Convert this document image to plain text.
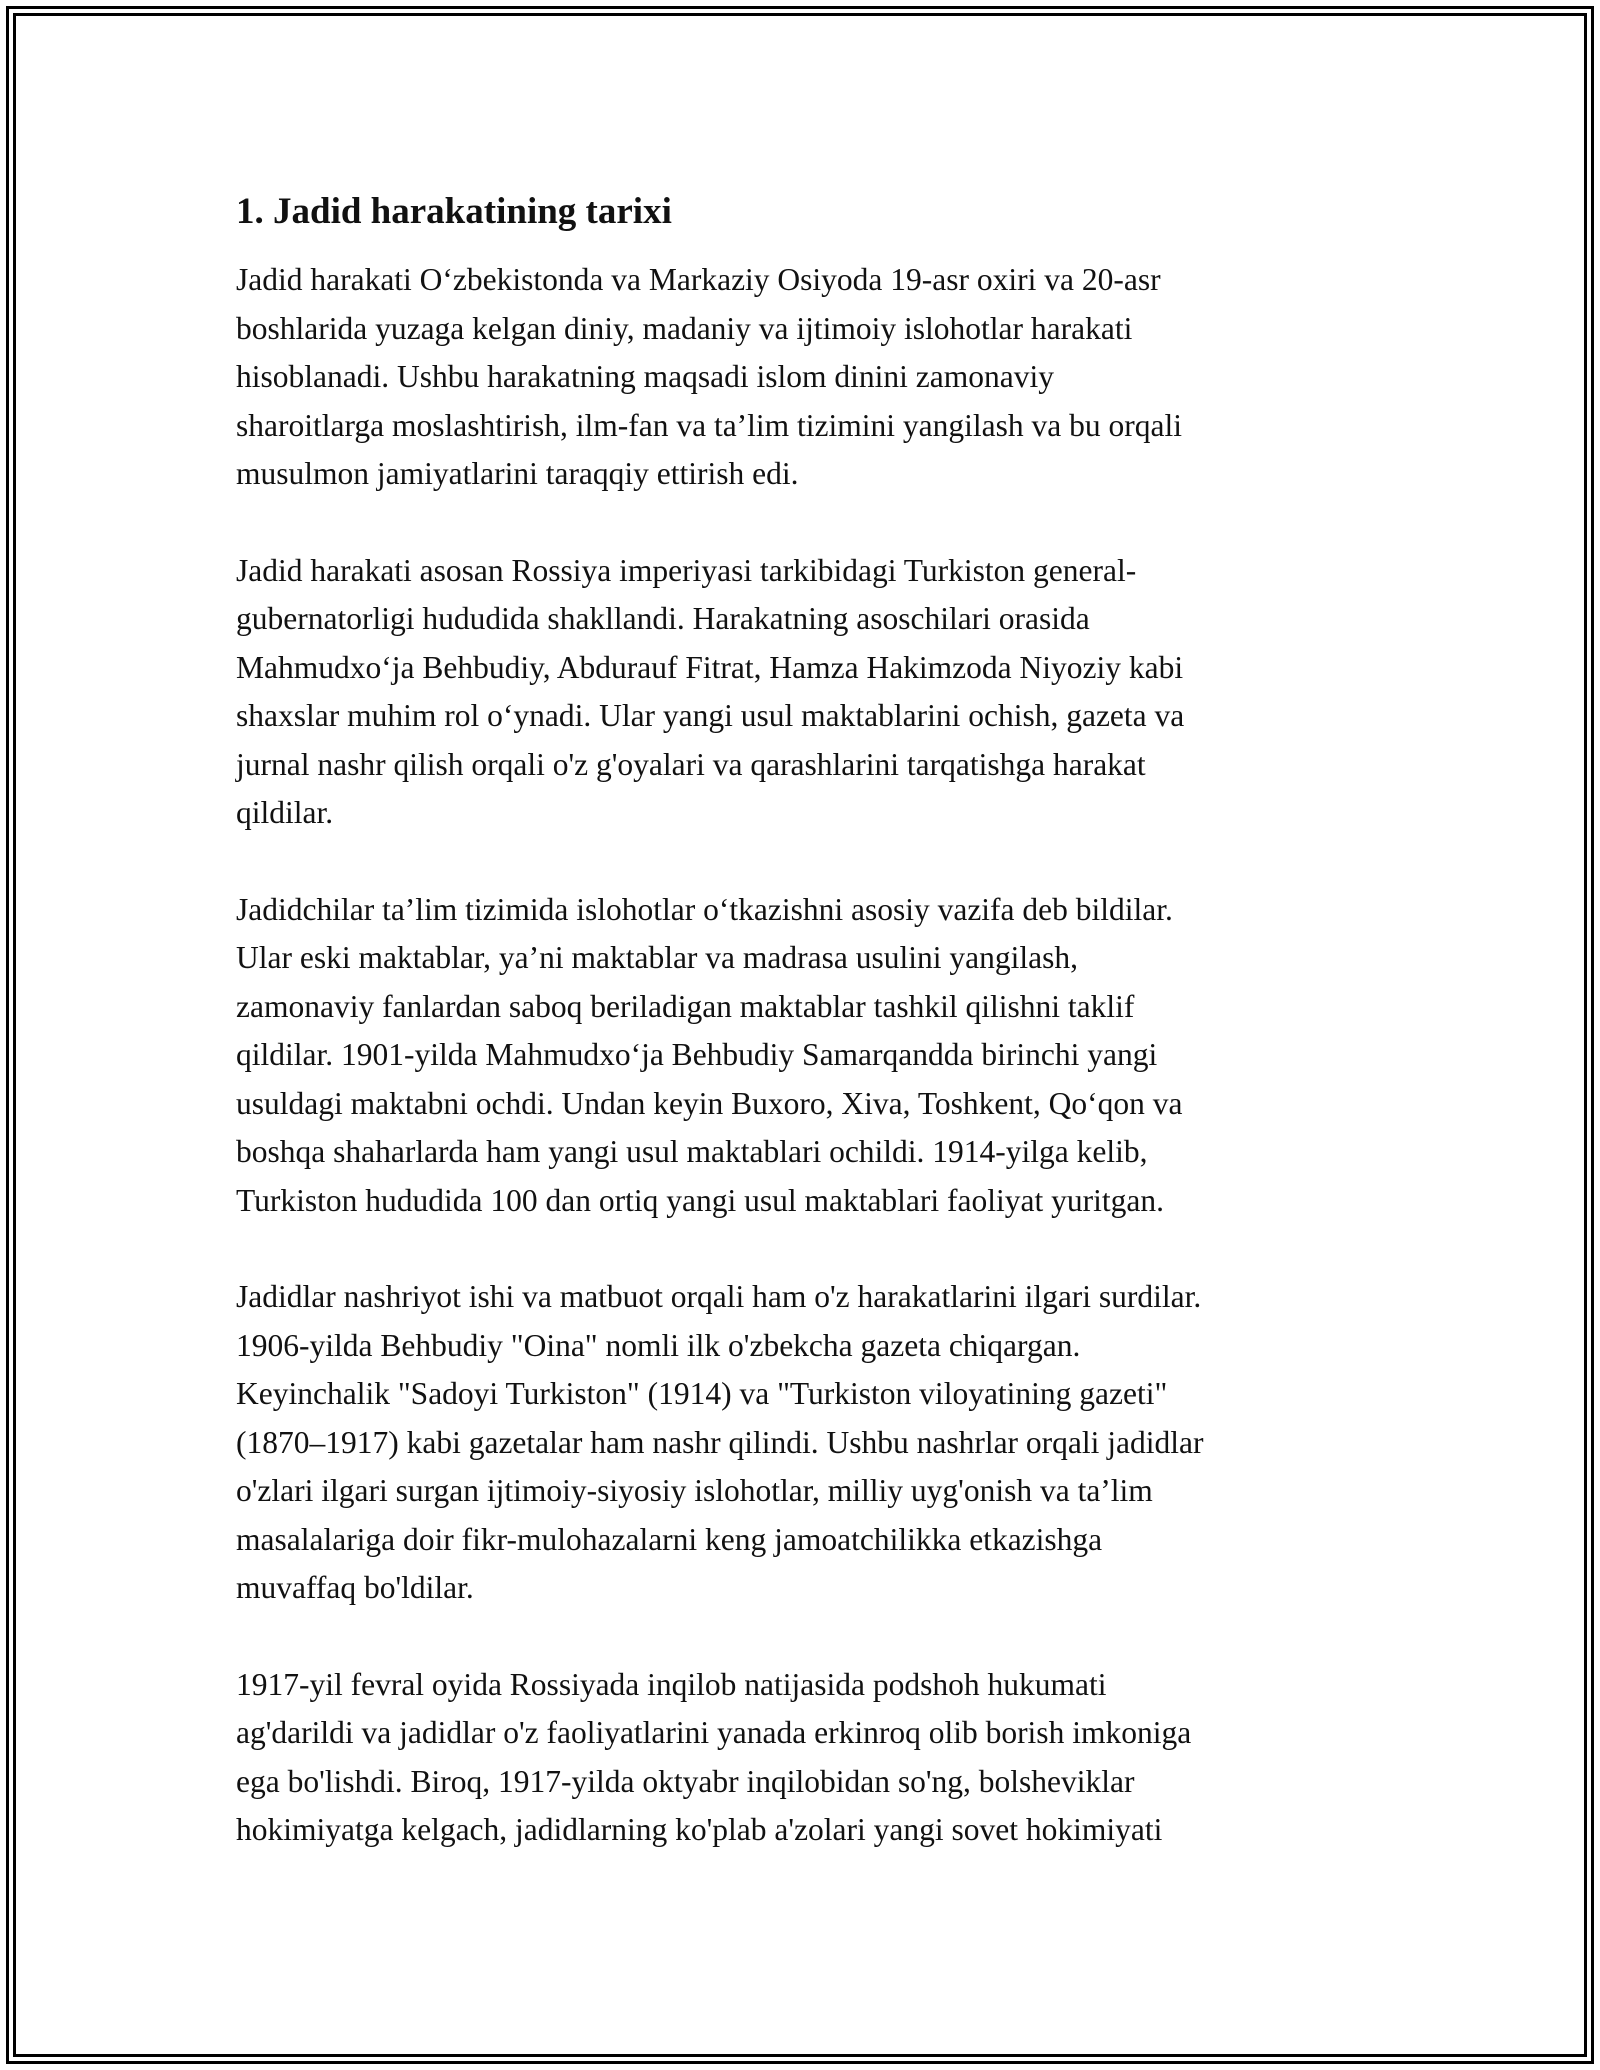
1. Jadid harakatining tarixi
Jadid harakati O‘zbekistonda va Markaziy Osiyoda 19-asr oxiri va 20-asr
boshlarida yuzaga kelgan diniy, madaniy va ijtimoiy islohotlar harakati
hisoblanadi. Ushbu harakatning maqsadi islom dinini zamonaviy
sharoitlarga moslashtirish, ilm-fan va ta’lim tizimini yangilash va bu orqali
musulmon jamiyatlarini taraqqiy ettirish edi.
Jadid harakati asosan Rossiya imperiyasi tarkibidagi Turkiston general-
gubernatorligi hududida shakllandi. Harakatning asoschilari orasida
Mahmudxo‘ja Behbudiy, Abdurauf Fitrat, Hamza Hakimzoda Niyoziy kabi
shaxslar muhim rol o‘ynadi. Ular yangi usul maktablarini ochish, gazeta va
jurnal nashr qilish orqali o'z g'oyalari va qarashlarini tarqatishga harakat
qildilar.
Jadidchilar ta’lim tizimida islohotlar o‘tkazishni asosiy vazifa deb bildilar.
Ular eski maktablar, ya’ni maktablar va madrasa usulini yangilash,
zamonaviy fanlardan saboq beriladigan maktablar tashkil qilishni taklif
qildilar. 1901-yilda Mahmudxo‘ja Behbudiy Samarqandda birinchi yangi
usuldagi maktabni ochdi. Undan keyin Buxoro, Xiva, Toshkent, Qo‘qon va
boshqa shaharlarda ham yangi usul maktablari ochildi. 1914-yilga kelib,
Turkiston hududida 100 dan ortiq yangi usul maktablari faoliyat yuritgan.
Jadidlar nashriyot ishi va matbuot orqali ham o'z harakatlarini ilgari surdilar.
1906-yilda Behbudiy "Oina" nomli ilk o'zbekcha gazeta chiqargan.
Keyinchalik "Sadoyi Turkiston" (1914) va "Turkiston viloyatining gazeti"
(1870–1917) kabi gazetalar ham nashr qilindi. Ushbu nashrlar orqali jadidlar
o'zlari ilgari surgan ijtimoiy-siyosiy islohotlar, milliy uyg'onish va ta’lim
masalalariga doir fikr-mulohazalarni keng jamoatchilikka etkazishga
muvaffaq bo'ldilar.
1917-yil fevral oyida Rossiyada inqilob natijasida podshoh hukumati
ag'darildi va jadidlar o'z faoliyatlarini yanada erkinroq olib borish imkoniga
ega bo'lishdi. Biroq, 1917-yilda oktyabr inqilobidan so'ng, bolsheviklar
hokimiyatga kelgach, jadidlarning ko'plab a'zolari yangi sovet hokimiyati
